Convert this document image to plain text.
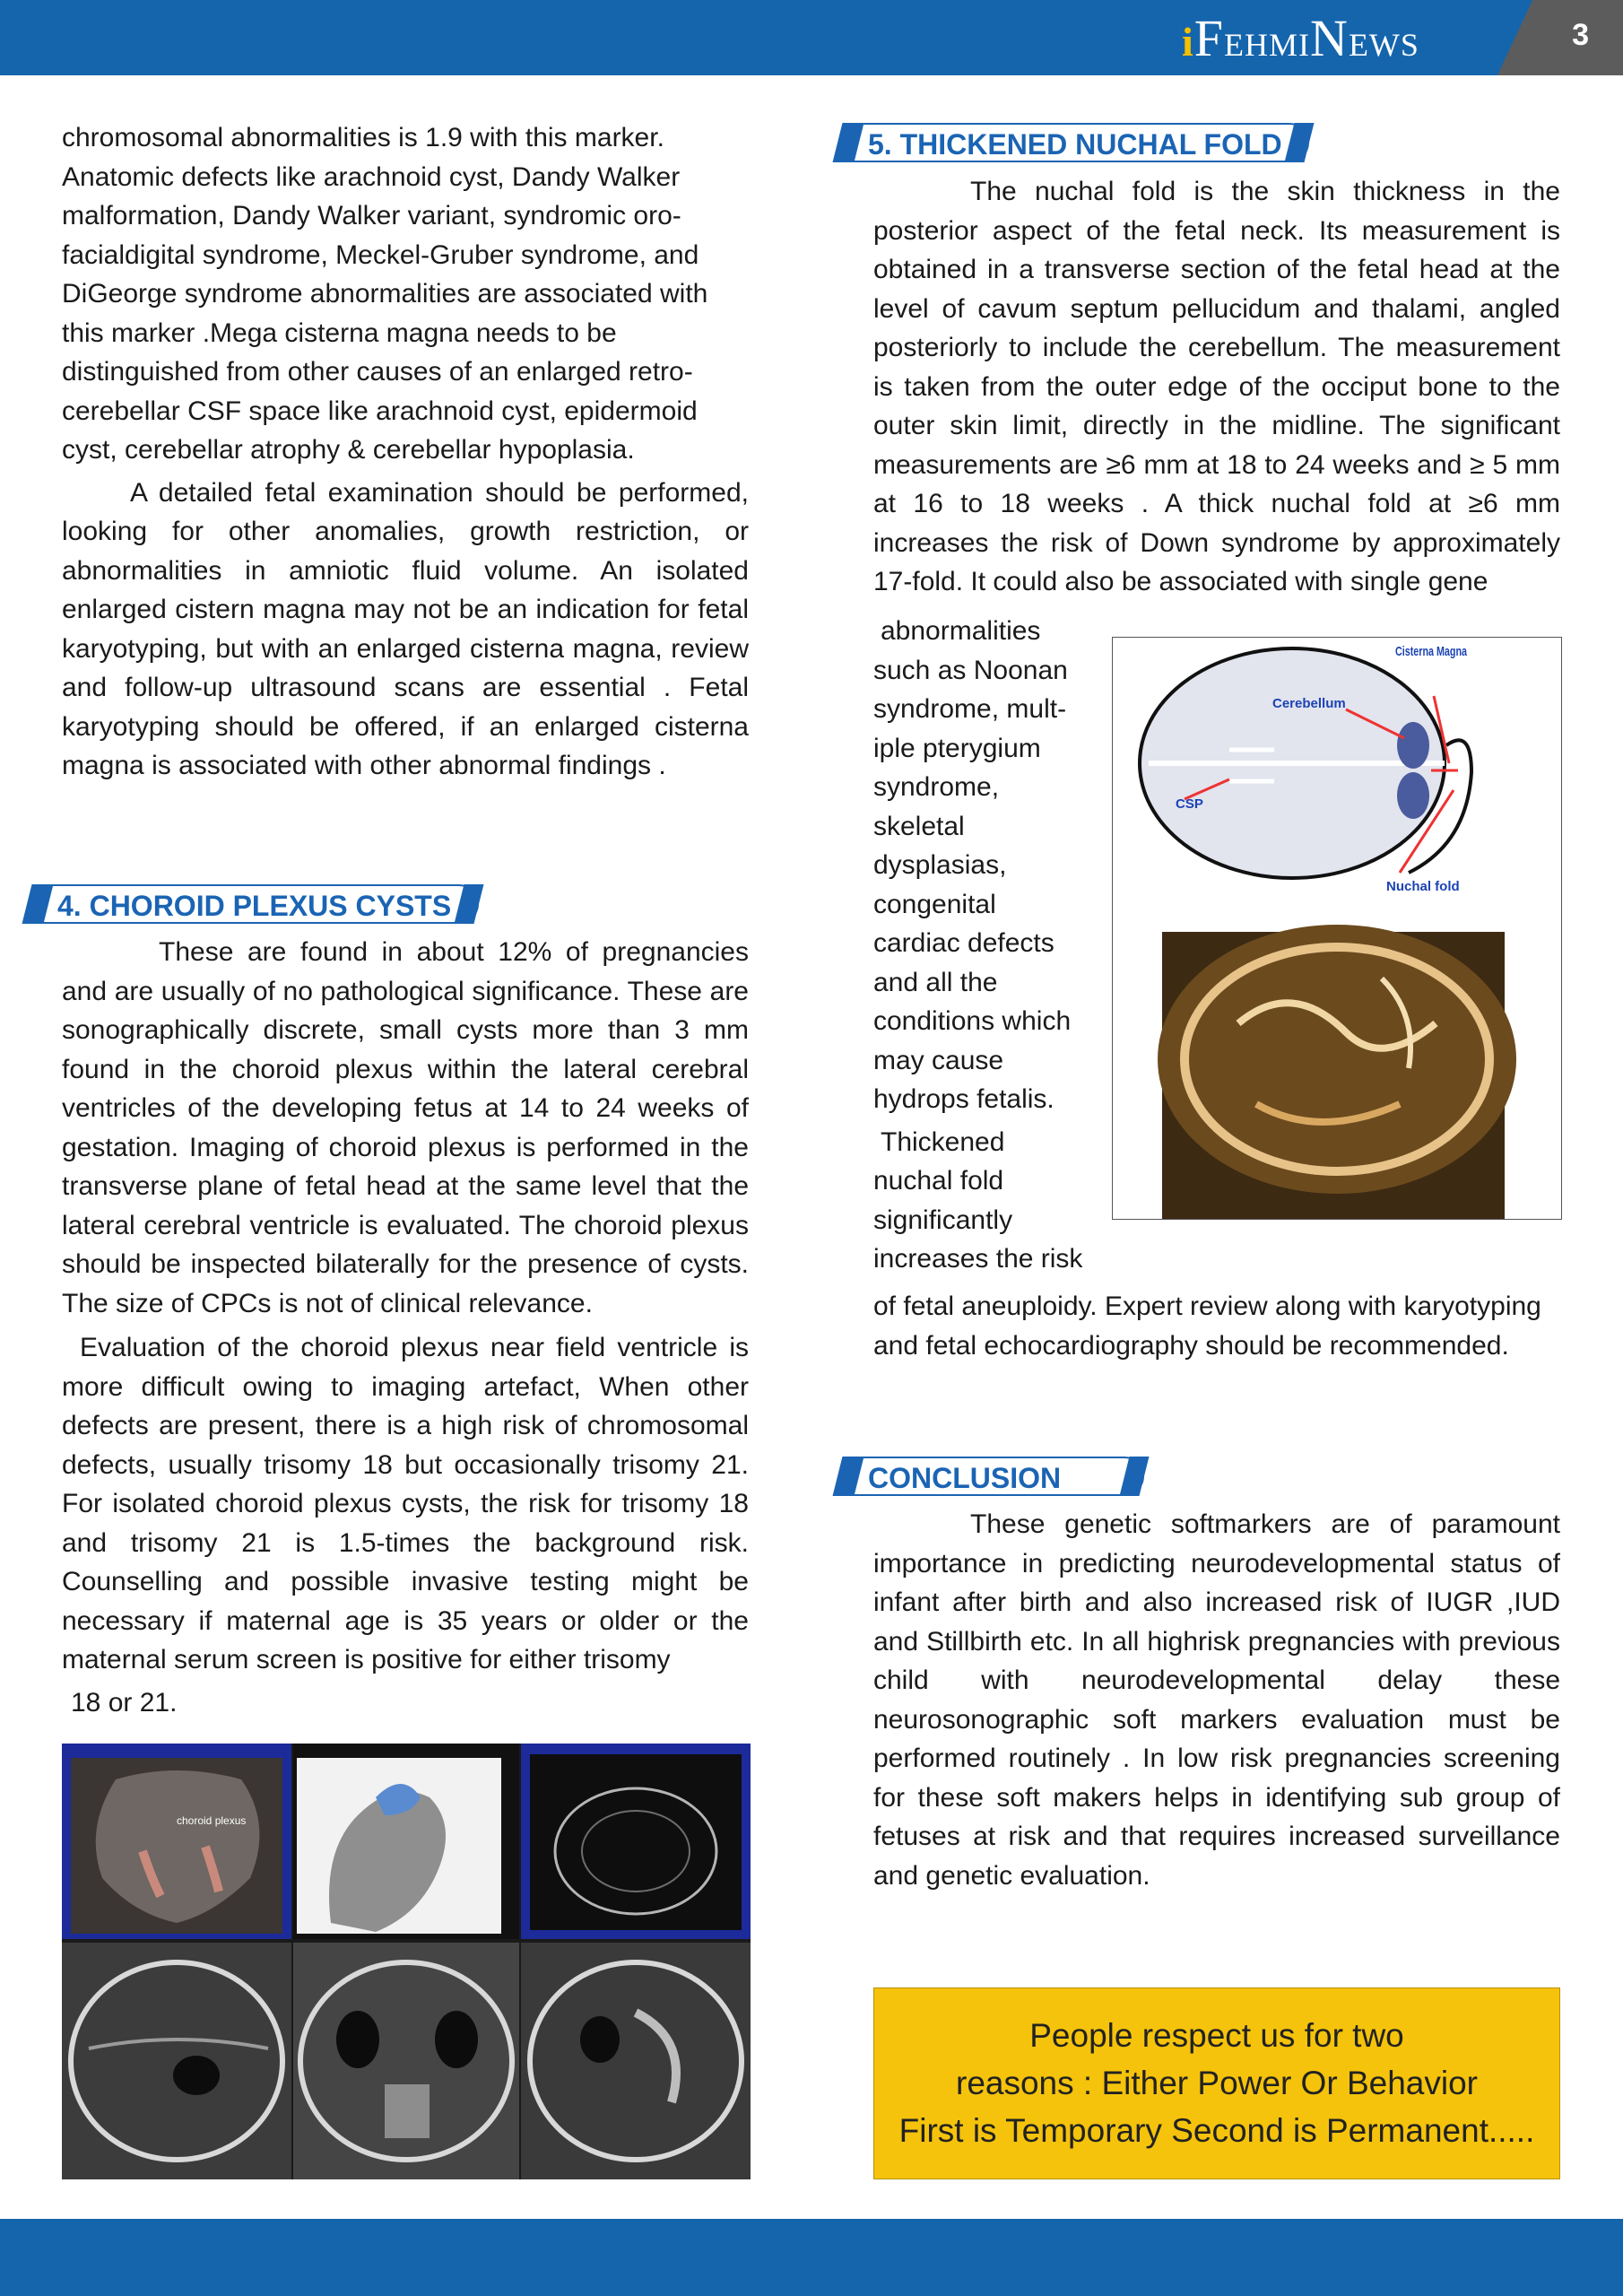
iFEHMINEWS	3

chromosomal abnormalities is 1.9 with this marker. Anatomic defects like arachnoid cyst, Dandy Walker malformation, Dandy Walker variant, syndromic oro-facialdigital syndrome, Meckel-Gruber syndrome, and DiGeorge syndrome abnormalities are associated with this marker .Mega cisterna magna needs to be distinguished from other causes of an enlarged retro-cerebellar CSF space like arachnoid cyst, epidermoid cyst, cerebellar atrophy & cerebellar hypoplasia.

A detailed fetal examination should be performed, looking for other anomalies, growth restriction, or abnormalities in amniotic fluid volume. An isolated enlarged cistern magna may not be an indication for fetal karyotyping, but with an enlarged cisterna magna, review and follow-up ultrasound scans are essential . Fetal karyotyping should be offered, if an enlarged cisterna magna is associated with other abnormal findings .

4. CHOROID PLEXUS CYSTS

These are found in about 12% of pregnancies and are usually of no pathological significance. These are sonographically discrete, small cysts more than 3 mm found in the choroid plexus within the lateral cerebral ventricles of the developing fetus at 14 to 24 weeks of gestation. Imaging of choroid plexus is performed in the transverse plane of fetal head at the same level that the lateral cerebral ventricle is evaluated. The choroid plexus should be inspected bilaterally for the presence of cysts. The size of CPCs is not of clinical relevance.

Evaluation of the choroid plexus near field ventricle is more difficult owing to imaging artefact, When other defects are present, there is a high risk of chromosomal defects, usually trisomy 18 but occasionally trisomy 21. For isolated choroid plexus cysts, the risk for trisomy 18 and trisomy 21 is 1.5-times the background risk. Counselling and possible invasive testing might be necessary if maternal age is 35 years or older or the maternal serum screen is positive for either trisomy

18 or 21.

choroid plexus
5. THICKENED NUCHAL FOLD

The nuchal fold is the skin thickness in the posterior aspect of the fetal neck. Its measurement is obtained in a transverse section of the fetal head at the level of cavum septum pellucidum and thalami, angled posteriorly to include the cerebellum. The measurement is taken from the outer edge of the occiput bone to the outer skin limit, directly in the midline. The significant measurements are ≥6 mm at 18 to 24 weeks and ≥ 5 mm at 16 to 18 weeks . A thick nuchal fold at ≥6 mm increases the risk of Down syndrome by approximately 17-fold. It could also be associated with single gene

abnormalities
such as Noonan
syndrome, mult-
iple pterygium
syndrome,
skeletal
dysplasias,
congenital
cardiac defects
and all the
conditions which
may cause
hydrops fetalis.
Thickened
nuchal fold
significantly
increases the risk
Cisterna Magna
Cerebellum
CSP
Nuchal fold

of fetal aneuploidy. Expert review along with karyotyping and fetal echocardiography should be recommended.

CONCLUSION

These genetic softmarkers are of paramount importance in predicting neurodevelopmental status of infant after birth and also increased risk of IUGR ,IUD and Stillbirth etc. In all highrisk pregnancies with previous child with neurodevelopmental delay these neurosonographic soft markers evaluation must be performed routinely . In low risk pregnancies screening for these soft makers helps in identifying sub group of fetuses at risk and that requires increased surveillance and genetic evaluation.

People respect us for two
reasons : Either Power Or Behavior
First is Temporary Second is Permanent.....
